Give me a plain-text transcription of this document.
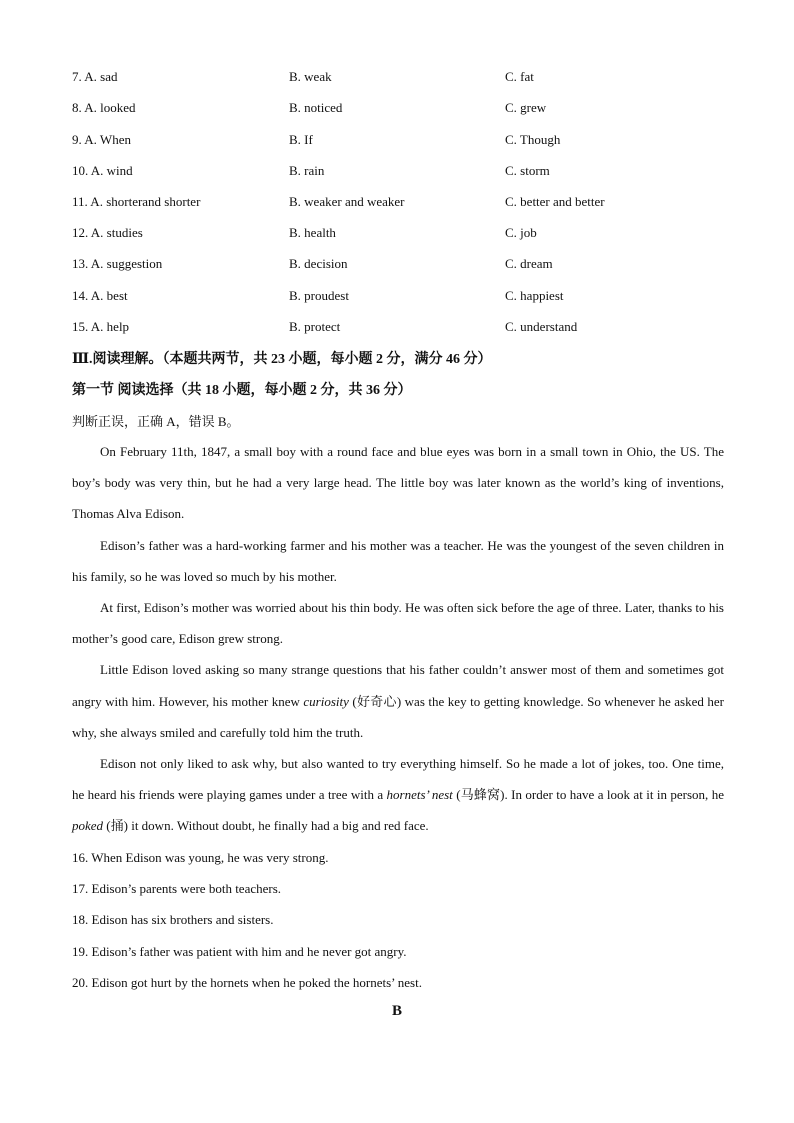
7. A. sad	B. weak	C. fat
8. A. looked	B. noticed	C. grew
9. A. When	B. If	C. Though
10. A. wind	B. rain	C. storm
11. A. shorterand shorter	B. weaker and weaker	C. better and better
12. A. studies	B. health	C. job
13. A. suggestion	B. decision	C. dream
14. A. best	B. proudest	C. happiest
15. A. help	B. protect	C. understand
Ⅲ.阅读理解。（本题共两节，共 23 小题，每小题 2 分，满分 46 分）
第一节 阅读选择（共 18 小题，每小题 2 分，共 36 分）
判断正误，正确 A，错误 B。

On February 11th, 1847, a small boy with a round face and blue eyes was born in a small town in Ohio, the US. The boy’s body was very thin, but he had a very large head. The little boy was later known as the world’s king of inventions, Thomas Alva Edison.

Edison’s father was a hard-working farmer and his mother was a teacher. He was the youngest of the seven children in his family, so he was loved so much by his mother.

At first, Edison’s mother was worried about his thin body. He was often sick before the age of three. Later, thanks to his mother’s good care, Edison grew strong.

Little Edison loved asking so many strange questions that his father couldn’t answer most of them and sometimes got angry with him. However, his mother knew curiosity (好奇心) was the key to getting knowledge. So whenever he asked her why, she always smiled and carefully told him the truth.

Edison not only liked to ask why, but also wanted to try everything himself. So he made a lot of jokes, too. One time, he heard his friends were playing games under a tree with a hornets’ nest (马蜂窝). In order to have a look at it in person, he poked (捅) it down. Without doubt, he finally had a big and red face.

16. When Edison was young, he was very strong.
17. Edison’s parents were both teachers.
18. Edison has six brothers and sisters.
19. Edison’s father was patient with him and he never got angry.
20. Edison got hurt by the hornets when he poked the hornets’ nest.
B
